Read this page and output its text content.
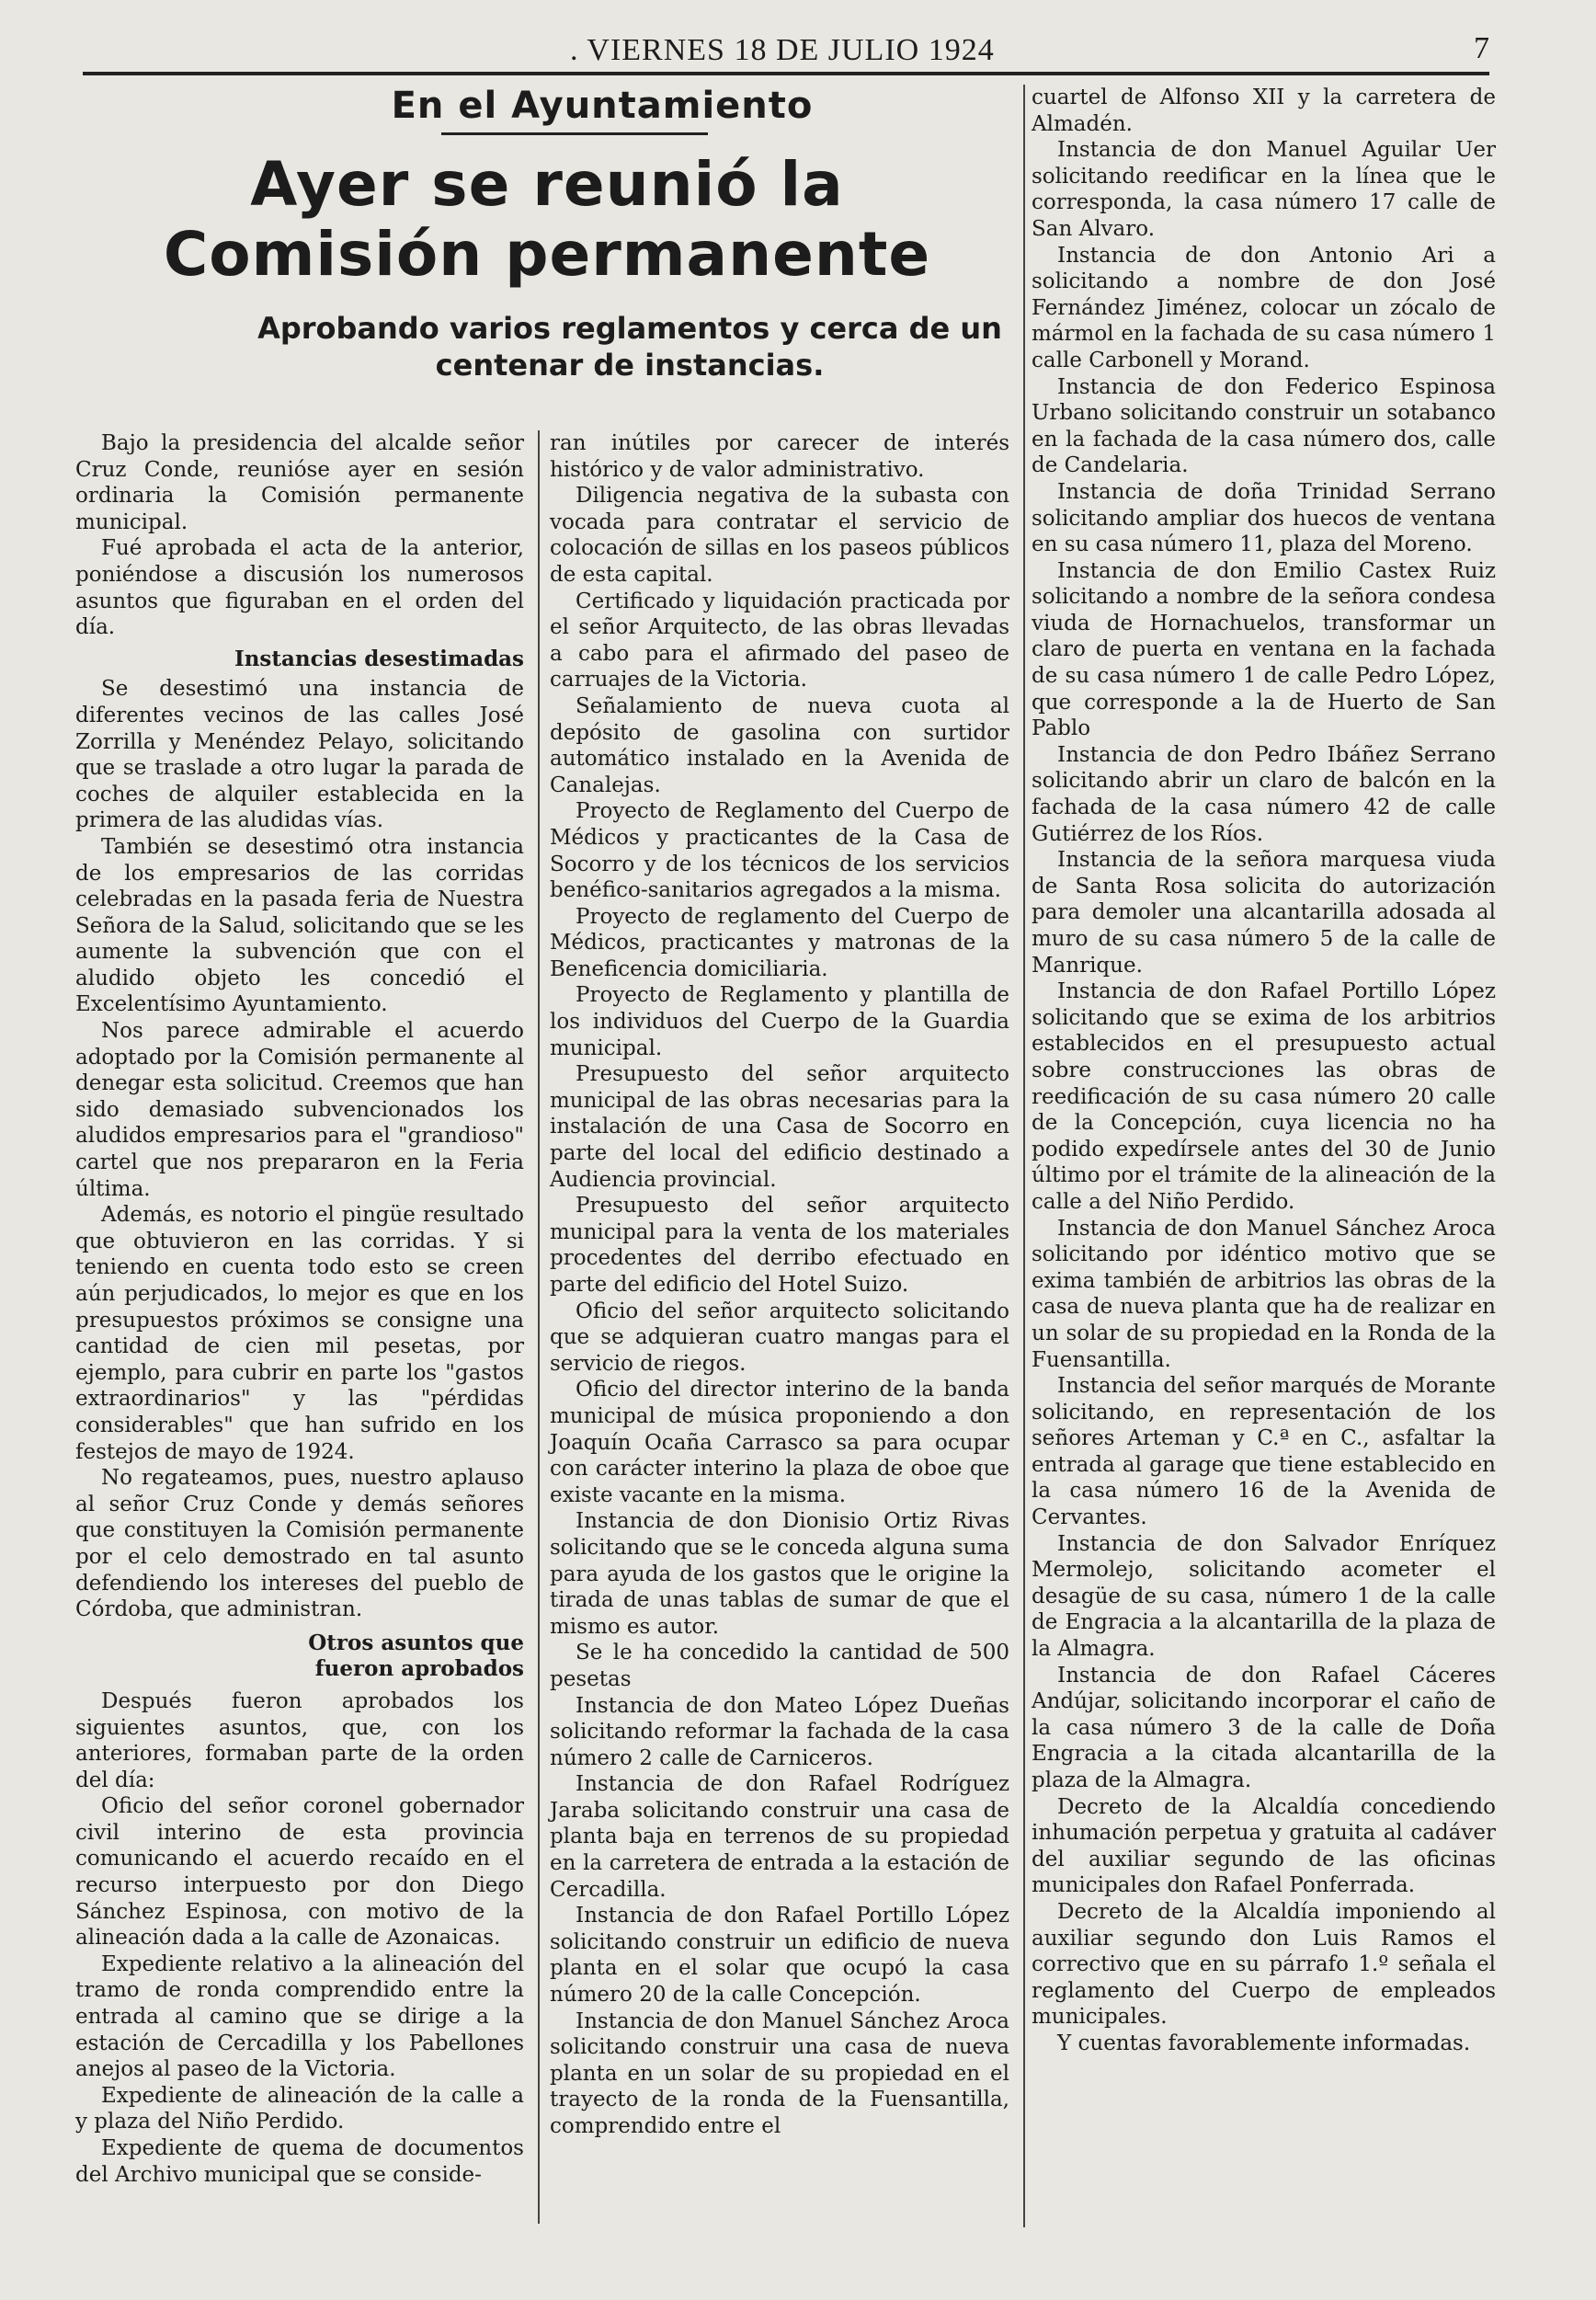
. VIERNES 18 DE JULIO 1924	7
En el Ayuntamiento
Ayer se reunió la Comisión permanente
Aprobando varios reglamentos y cerca de un centenar de instancias.

Bajo la presidencia del alcalde señor Cruz Conde, reunióse ayer en sesión ordinaria la Comisión permanente municipal.

Fué aprobada el acta de la anterior, poniéndose a discusión los numerosos asuntos que figuraban en el orden del día.

Instancias desestimadas

Se desestimó una instancia de diferentes vecinos de las calles José Zorrilla y Menéndez Pelayo, solicitando que se traslade a otro lugar la parada de coches de alquiler establecida en la primera de las aludidas vías.

También se desestimó otra instancia de los empresarios de las corridas celebradas en la pasada feria de Nuestra Señora de la Salud, solicitando que se les aumente la subvención que con el aludido objeto les concedió el Excelentísimo Ayuntamiento.

Nos parece admirable el acuerdo adoptado por la Comisión permanente al denegar esta solicitud. Creemos que han sido demasiado subvencionados los aludidos empresarios para el "grandioso" cartel que nos prepararon en la Feria última.

Además, es notorio el pingüe resultado que obtuvieron en las corridas. Y si teniendo en cuenta todo esto se creen aún perjudicados, lo mejor es que en los presupuestos próximos se consigne una cantidad de cien mil pesetas, por ejemplo, para cubrir en parte los "gastos extraordinarios" y las "pérdidas considerables" que han sufrido en los festejos de mayo de 1924.

No regateamos, pues, nuestro aplauso al señor Cruz Conde y demás señores que constituyen la Comisión permanente por el celo demostrado en tal asunto defendiendo los intereses del pueblo de Córdoba, que administran.

Otros asuntos que

fueron aprobados

Después fueron aprobados los siguientes asuntos, que, con los anteriores, formaban parte de la orden del día:

Oficio del señor coronel gobernador civil interino de esta provincia comunicando el acuerdo recaído en el recurso interpuesto por don Diego Sánchez Espinosa, con motivo de la alineación dada a la calle de Azonaicas.

Expediente relativo a la alineación del tramo de ronda comprendido entre la entrada al camino que se dirige a la estación de Cercadilla y los Pabellones anejos al paseo de la Victoria.

Expediente de alineación de la calle a y plaza del Niño Perdido.

Expediente de quema de documentos del Archivo municipal que se conside-

ran inútiles por carecer de interés histórico y de valor administrativo.

Diligencia negativa de la subasta con vocada para contratar el servicio de colocación de sillas en los paseos públicos de esta capital.

Certificado y liquidación practicada por el señor Arquitecto, de las obras llevadas a cabo para el afirmado del paseo de carruajes de la Victoria.

Señalamiento de nueva cuota al depósito de gasolina con surtidor automático instalado en la Avenida de Canalejas.

Proyecto de Reglamento del Cuerpo de Médicos y practicantes de la Casa de Socorro y de los técnicos de los servicios benéfico-sanitarios agregados a la misma.

Proyecto de reglamento del Cuerpo de Médicos, practicantes y matronas de la Beneficencia domiciliaria.

Proyecto de Reglamento y plantilla de los individuos del Cuerpo de la Guardia municipal.

Presupuesto del señor arquitecto municipal de las obras necesarias para la instalación de una Casa de Socorro en parte del local del edificio destinado a Audiencia provincial.

Presupuesto del señor arquitecto municipal para la venta de los materiales procedentes del derribo efectuado en parte del edificio del Hotel Suizo.

Oficio del señor arquitecto solicitando que se adquieran cuatro mangas para el servicio de riegos.

Oficio del director interino de la banda municipal de música proponiendo a don Joaquín Ocaña Carrasco sa para ocupar con carácter interino la plaza de oboe que existe vacante en la misma.

Instancia de don Dionisio Ortiz Rivas solicitando que se le conceda alguna suma para ayuda de los gastos que le origine la tirada de unas tablas de sumar de que el mismo es autor.

Se le ha concedido la cantidad de 500 pesetas

Instancia de don Mateo López Dueñas solicitando reformar la fachada de la casa número 2 calle de Carniceros.

Instancia de don Rafael Rodríguez Jaraba solicitando construir una casa de planta baja en terrenos de su propiedad en la carretera de entrada a la estación de Cercadilla.

Instancia de don Rafael Portillo López solicitando construir un edificio de nueva planta en el solar que ocupó la casa número 20 de la calle Concepción.

Instancia de don Manuel Sánchez Aroca solicitando construir una casa de nueva planta en un solar de su propiedad en el trayecto de la ronda de la Fuensantilla, comprendido entre el

cuartel de Alfonso XII y la carretera de Almadén.

Instancia de don Manuel Aguilar Uer solicitando reedificar en la línea que le corresponda, la casa número 17 calle de San Alvaro.

Instancia de don Antonio Ari a solicitando a nombre de don José Fernández Jiménez, colocar un zócalo de mármol en la fachada de su casa número 1 calle Carbonell y Morand.

Instancia de don Federico Espinosa Urbano solicitando construir un sotabanco en la fachada de la casa número dos, calle de Candelaria.

Instancia de doña Trinidad Serrano solicitando ampliar dos huecos de ventana en su casa número 11, plaza del Moreno.

Instancia de don Emilio Castex Ruiz solicitando a nombre de la señora condesa viuda de Hornachuelos, transformar un claro de puerta en ventana en la fachada de su casa número 1 de calle Pedro López, que corresponde a la de Huerto de San Pablo

Instancia de don Pedro Ibáñez Serrano solicitando abrir un claro de balcón en la fachada de la casa número 42 de calle Gutiérrez de los Ríos.

Instancia de la señora marquesa viuda de Santa Rosa solicita do autorización para demoler una alcantarilla adosada al muro de su casa número 5 de la calle de Manrique.

Instancia de don Rafael Portillo López solicitando que se exima de los arbitrios establecidos en el presupuesto actual sobre construcciones las obras de reedificación de su casa número 20 calle de la Concepción, cuya licencia no ha podido expedírsele antes del 30 de Junio último por el trámite de la alineación de la calle a del Niño Perdido.

Instancia de don Manuel Sánchez Aroca solicitando por idéntico motivo que se exima también de arbitrios las obras de la casa de nueva planta que ha de realizar en un solar de su propiedad en la Ronda de la Fuensantilla.

Instancia del señor marqués de Morante solicitando, en representación de los señores Arteman y C.ª en C., asfaltar la entrada al garage que tiene establecido en la casa número 16 de la Avenida de Cervantes.

Instancia de don Salvador Enríquez Mermolejo, solicitando acometer el desagüe de su casa, número 1 de la calle de Engracia a la alcantarilla de la plaza de la Almagra.

Instancia de don Rafael Cáceres Andújar, solicitando incorporar el caño de la casa número 3 de la calle de Doña Engracia a la citada alcantarilla de la plaza de la Almagra.

Decreto de la Alcaldía concediendo inhumación perpetua y gratuita al cadáver del auxiliar segundo de las oficinas municipales don Rafael Ponferrada.

Decreto de la Alcaldía imponiendo al auxiliar segundo don Luis Ramos el correctivo que en su párrafo 1.º señala el reglamento del Cuerpo de empleados municipales.

Y cuentas favorablemente informadas.
